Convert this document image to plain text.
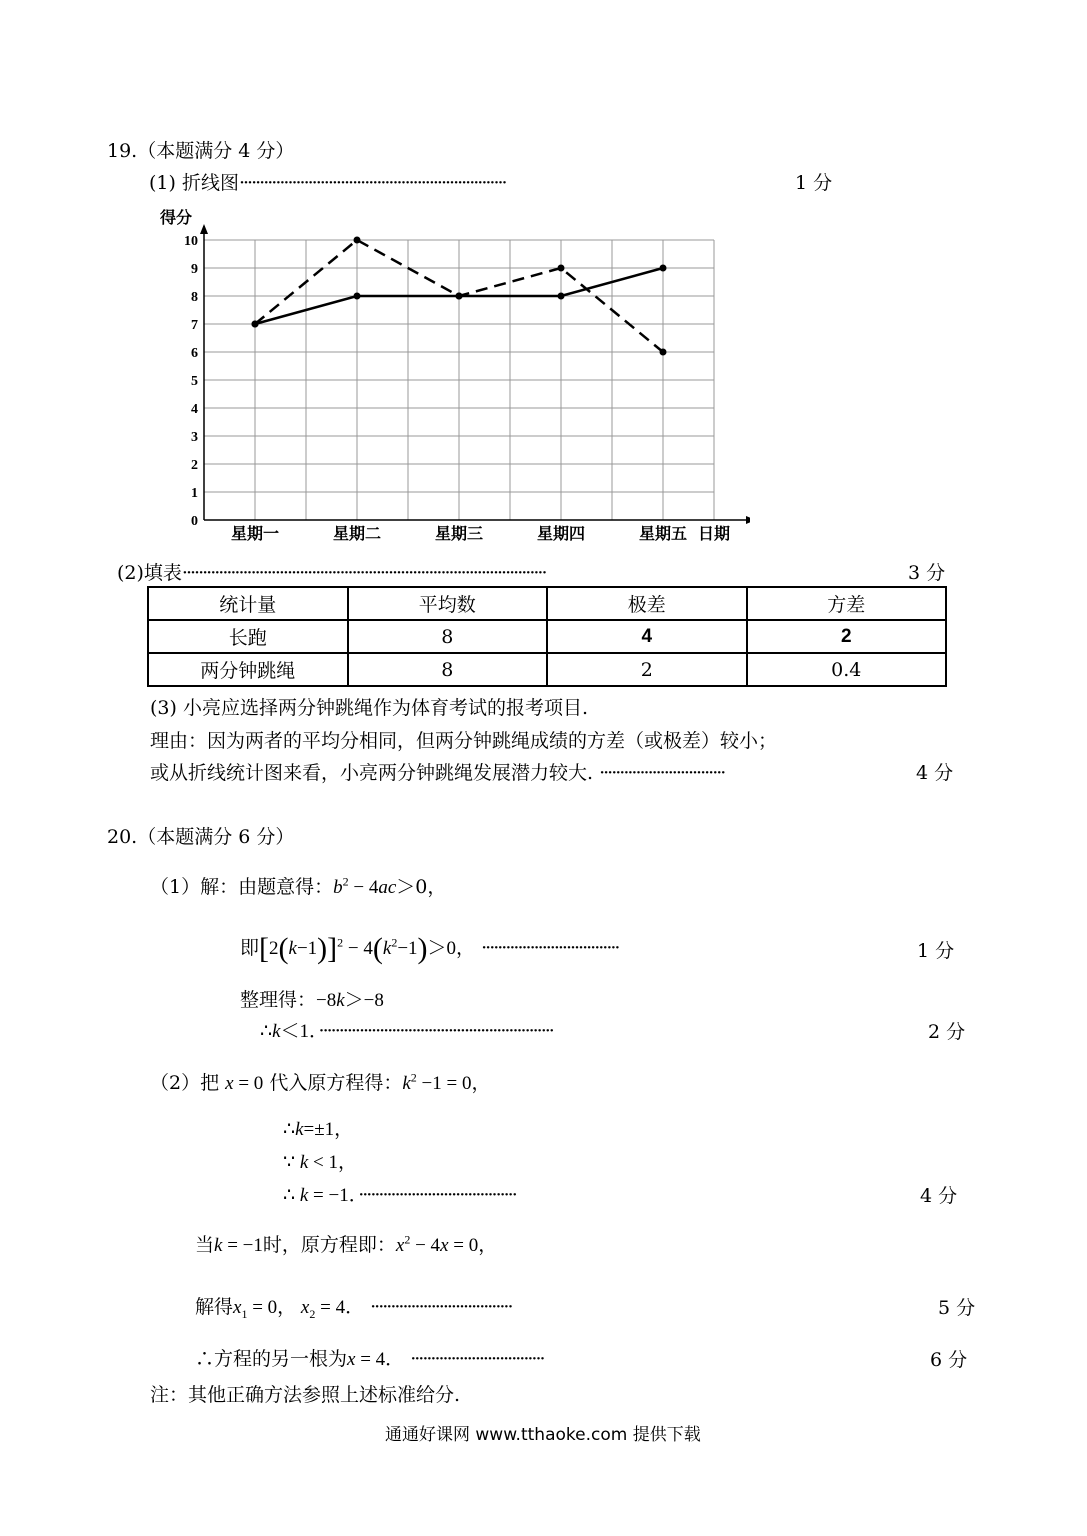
19.（本题满分 4 分）
(1) 折线图··································································	1 分
0
1
2
3
4
5
6
7
8
9
10
星期一	星期二	星期三	星期四	星期五
得分
日期
(2)填表··························································································	3 分
统计量	平均数	极差	方差
长跑	8	4	2
两分钟跳绳	8	2	0.4
(3) 小亮应选择两分钟跳绳作为体育考试的报考项目.
理由：因为两者的平均分相同，但两分钟跳绳成绩的方差（或极差）较小；
或从折线统计图来看，小亮两分钟跳绳发展潜力较大. ·······························	4 分
20.（本题满分 6 分）
（1）解：由题意得：$b^2 - 4ac>0$，
即$[2(k-1)]^2 - 4(k^2-1)>0$， ··································	1 分
整理得：−8k＞−8
∴k＜1．··························································	2 分
（2）把 x = 0 代入原方程得：$k^2 -1 = 0$，
∴k=±1，
∵ k < 1，
∴ k = −1．·······································	4 分
当k = −1时，原方程即：$x^2 - 4x = 0$，
解得$x_1 = 0$， $x_2 = 4$． ···································	5 分
∴方程的另一根为x = 4． ·································	6 分
注：其他正确方法参照上述标准给分.
通通好课网 www.tthaoke.com 提供下载
